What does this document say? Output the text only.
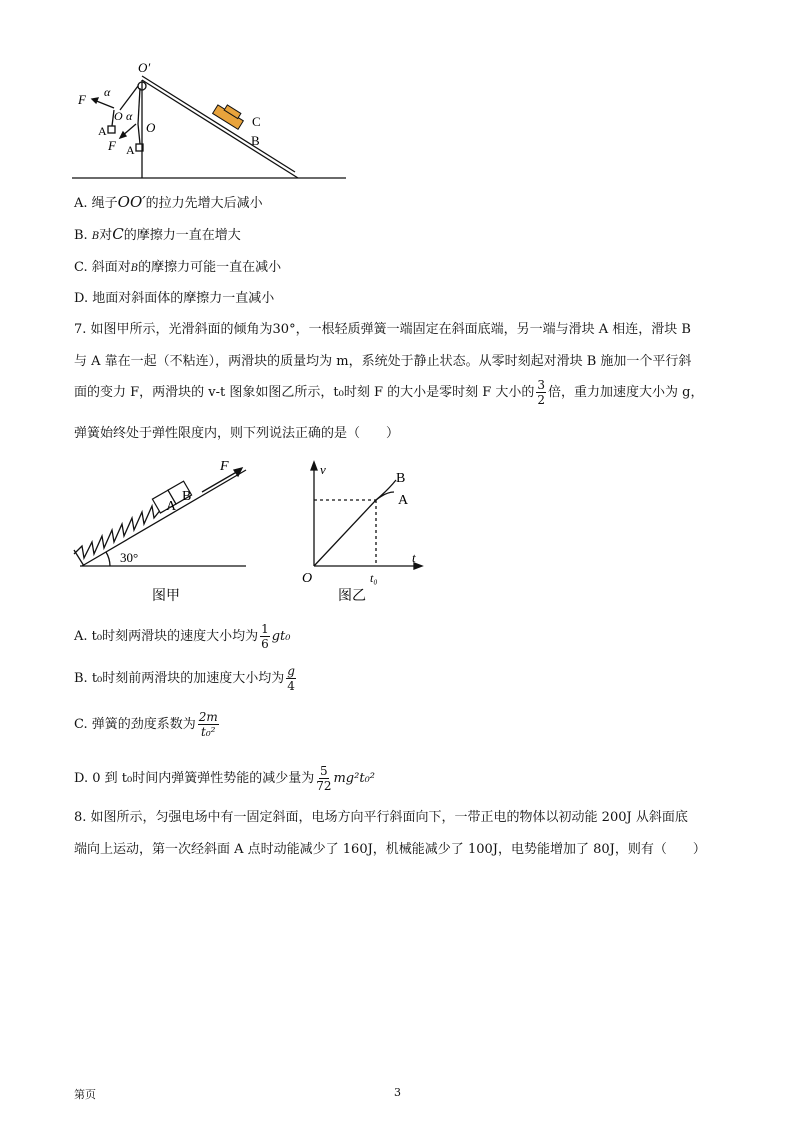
O′
F α
O
A
α
O
F A
C
B
A. 绳子OO′的拉力先增大后减小
B. B对C的摩擦力一直在增大
C. 斜面对B的摩擦力可能一直在减小
D. 地面对斜面体的摩擦力一直减小
7. 如图甲所示，光滑斜面的倾角为30°，一根轻质弹簧一端固定在斜面底端，另一端与滑块 A 相连，滑块 B
与 A 靠在一起（不粘连），两滑块的质量均为 m，系统处于静止状态。从零时刻起对滑块 B 施加一个平行斜
面的变力 F，两滑块的 v-t 图象如图乙所示，t₀时刻 F 的大小是零时刻 F 大小的 $\frac{3}{2}$ 倍，重力加速度大小为 g，
弹簧始终处于弹性限度内，则下列说法正确的是（　　）
F
A
B
30°
图甲
v
t
O	t₀
B
A
图乙
A. t₀时刻两滑块的速度大小均为 $\frac{1}{6} gt_0$
B. t₀时刻前两滑块的加速度大小均为 $\frac{g}{4}$
C. 弹簧的劲度系数为 $\frac{2m}{\text{t₀²}}$
D. 0 到 t₀时间内弹簧弹性势能的减少量为 $\frac{5}{72} mg^2t_0^2$
8. 如图所示，匀强电场中有一固定斜面，电场方向平行斜面向下，一带正电的物体以初动能 200J 从斜面底
端向上运动，第一次经斜面 A 点时动能减少了 160J，机械能减少了 100J，电势能增加了 80J，则有（　　）
第页	3
